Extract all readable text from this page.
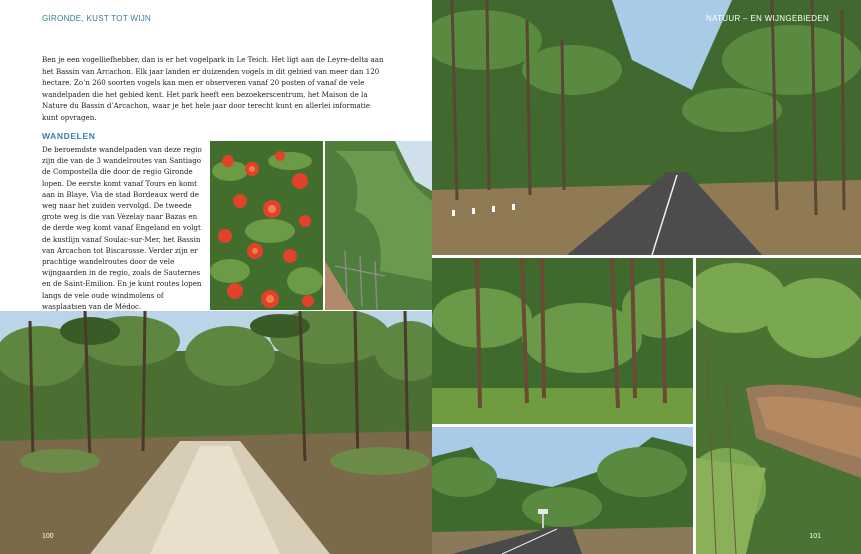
GIRONDE, KUST TOT WIJN
Ben je een vogelliefhebber, dan is er het vogelpark in Le Teich. Het ligt aan de Leyre-delta aan het Bassin van Arcachon. Elk jaar landen er duizenden vogels in dit gebied van meer dan 120 hectare. Zo’n 260 soorten vogels kan men er observeren vanaf 20 posten of vanaf de vele wandelpaden die het gebied kent. Het park heeft een bezoekerscentrum, het Maison de la Nature du Bassin d’Arcachon, waar je het hele jaar door terecht kunt en allerlei informatie kunt opvragen.
WANDELEN
De beroemdste wandelpaden van deze regio zijn die van de 3 wandelroutes van Santiago de Compostella die door de regio Gironde lopen. De eerste komt vanaf Tours en komt aan in Blaye. Via de stad Bordeaux werd de weg naar het zuiden vervolgd. De tweede grote weg is die van Vézelay naar Bazas en de derde weg komt vanaf Engeland en volgt de kustlijn vanaf Soulac-sur-Mer, het Bassin van Arcachon tot Biscarosse. Verder zijn er prachtige wandelroutes door de vele wijngaarden in de regio, zoals de Sauternes en de Saint-Emilion. En je kunt routes lopen langs de vele oude windmolens of wasplaatsen van de Médoc.
100
NATUUR – EN WIJNGEBIEDEN
101
